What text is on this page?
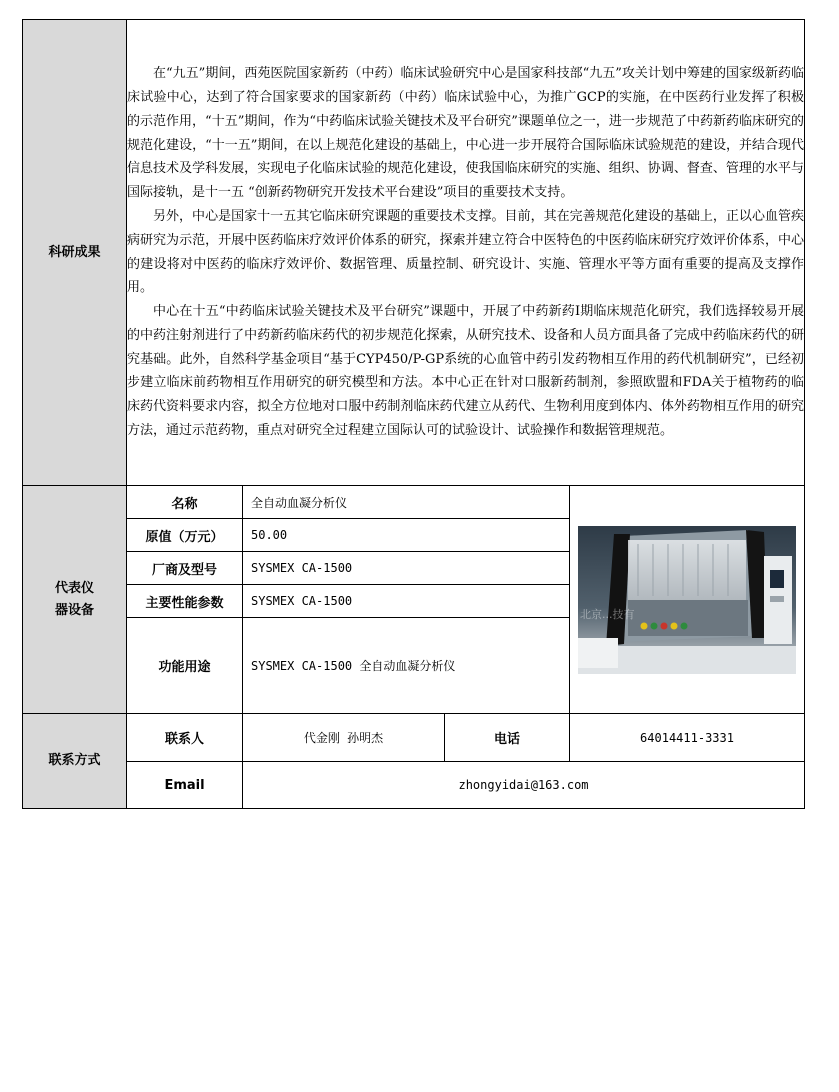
科研成果	在“九五”期间，西苑医院国家新药（中药）临床试验研究中心是国家科技部“九五”攻关计划中筹建的国家级新药临床试验中心，达到了符合国家要求的国家新药（中药）临床试验中心，为推广GCP的实施，在中医药行业发挥了积极的示范作用，“十五”期间，作为“中药临床试验关键技术及平台研究”课题单位之一，进一步规范了中药新药临床研究的规范化建设，“十一五”期间，在以上规范化建设的基础上，中心进一步开展符合国际临床试验规范的建设，并结合现代信息技术及学科发展，实现电子化临床试验的规范化建设，使我国临床研究的实施、组织、协调、督查、管理的水平与国际接轨，是十一五 “创新药物研究开发技术平台建设”项目的重要技术支持。

另外，中心是国家十一五其它临床研究课题的重要技术支撑。目前，其在完善规范化建设的基础上，正以心血管疾病研究为示范，开展中医药临床疗效评价体系的研究，探索并建立符合中医特色的中医药临床研究疗效评价体系，中心的建设将对中医药的临床疗效评价、数据管理、质量控制、研究设计、实施、管理水平等方面有重要的提高及支撑作用。

中心在十五“中药临床试验关键技术及平台研究”课题中，开展了中药新药Ⅰ期临床规范化研究，我们选择较易开展的中药注射剂进行了中药新药临床药代的初步规范化探索，从研究技术、设备和人员方面具备了完成中药临床药代的研究基础。此外，自然科学基金项目“基于CYP450/P-GP系统的心血管中药引发药物相互作用的药代机制研究”，已经初步建立临床前药物相互作用研究的研究模型和方法。本中心正在针对口服新药制剂，参照欧盟和FDA关于植物药的临床药代资料要求内容，拟全方位地对口服中药制剂临床药代建立从药代、生物利用度到体内、体外药物相互作用的研究方法，通过示范药物，重点对研究全过程建立国际认可的试验设计、试验操作和数据管理规范。			

代表仪器设备	名称	全自动血凝分析仪		北京...技有

	原值（万元）	50.00		
	厂商及型号	SYSMEX CA-1500		
	主要性能参数	SYSMEX CA-1500		
	功能用途	SYSMEX CA-1500 全自动血凝分析仪		
联系方式	联系人	代金刚 孙明杰	电话	64014411-3331
	Email	zhongyidai@163.com		
